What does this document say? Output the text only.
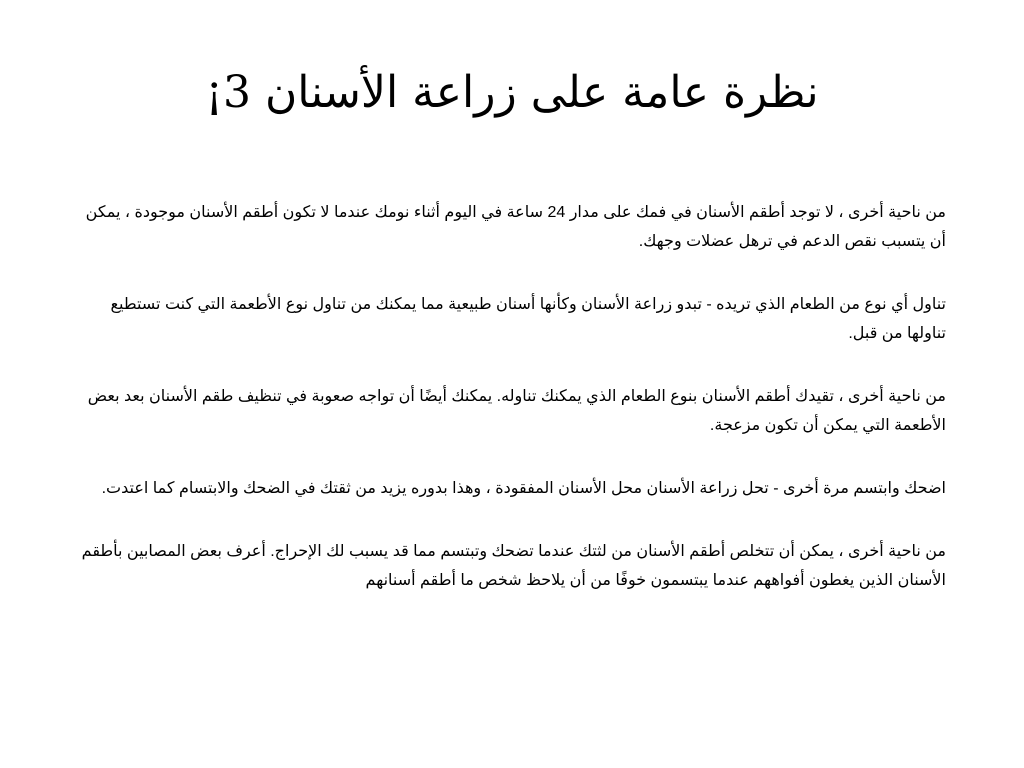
نظرة عامة على زراعة الأسنان 3¡

من ناحية أخرى ، لا توجد أطقم الأسنان في فمك على مدار 24 ساعة في اليوم أثناء نومك عندما لا تكون أطقم الأسنان موجودة ، يمكن أن يتسبب نقص الدعم في ترهل عضلات وجهك.

تناول أي نوع من الطعام الذي تريده - تبدو زراعة الأسنان وكأنها أسنان طبيعية مما يمكنك من تناول نوع الأطعمة التي كنت تستطيع تناولها من قبل.

من ناحية أخرى ، تقيدك أطقم الأسنان بنوع الطعام الذي يمكنك تناوله. يمكنك أيضًا أن تواجه صعوبة في تنظيف طقم الأسنان بعد بعض الأطعمة التي يمكن أن تكون مزعجة.

اضحك وابتسم مرة أخرى - تحل زراعة الأسنان محل الأسنان المفقودة ، وهذا بدوره يزيد من ثقتك في الضحك والابتسام كما اعتدت.

من ناحية أخرى ، يمكن أن تتخلص أطقم الأسنان من لثتك عندما تضحك وتبتسم مما قد يسبب لك الإحراج. أعرف بعض المصابين بأطقم الأسنان الذين يغطون أفواههم عندما يبتسمون خوفًا من أن يلاحظ شخص ما أطقم أسنانهم
